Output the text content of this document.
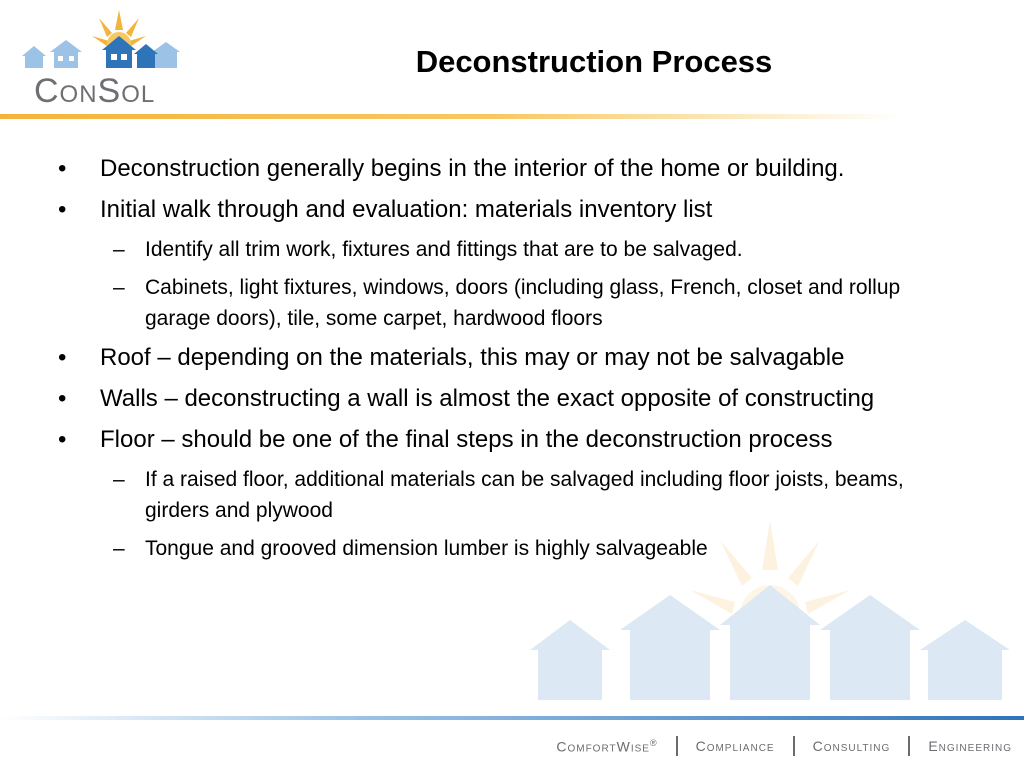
ConSol
Deconstruction Process
•	Deconstruction generally begins in the interior of the home or building.
•	Initial walk through and evaluation: materials inventory list
– Identify all trim work, fixtures and fittings that are to be salvaged.
– Cabinets, light fixtures, windows, doors (including glass, French, closet and rollup garage doors), tile, some carpet, hardwood floors
•	Roof – depending on the materials, this may or may not be salvagable
•	Walls – deconstructing a wall is almost the exact opposite of constructing
•	Floor – should be one of the final steps in the deconstruction process
– If a raised floor, additional materials can be salvaged including floor joists, beams, girders and plywood
– Tongue and grooved dimension lumber is highly salvageable
ComfortWise®	Compliance	Consulting	Engineering
